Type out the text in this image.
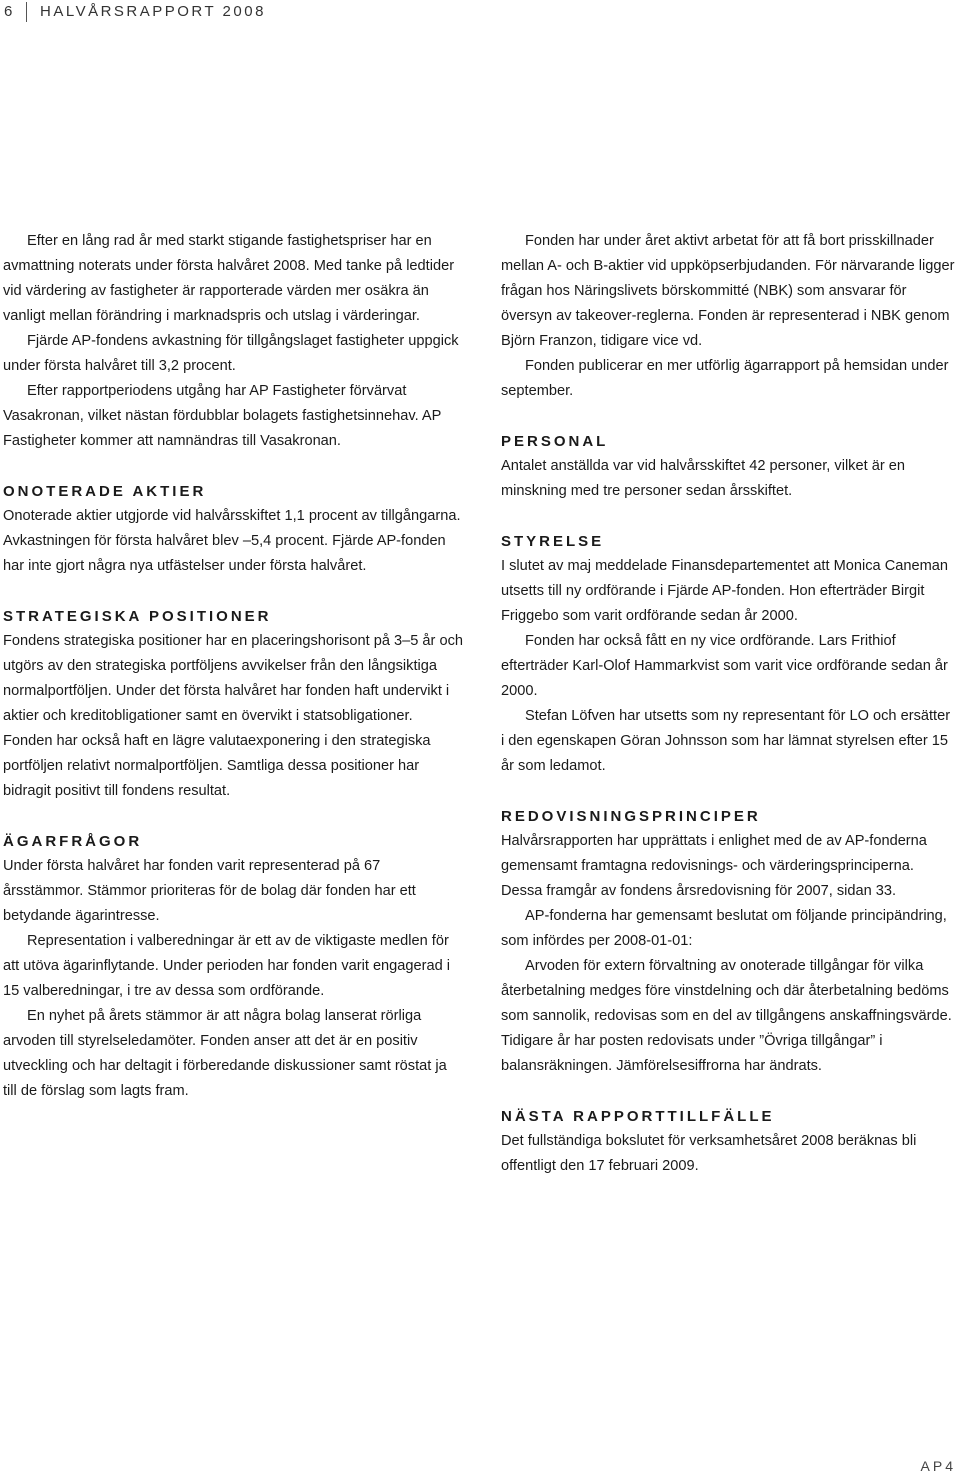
6 HALVÅRSRAPPORT 2008

Efter en lång rad år med starkt stigande fastighetspriser har en avmattning noterats under första halvåret 2008. Med tanke på ledtider vid värdering av fastigheter är rapporterade värden mer osäkra än vanligt mellan förändring i marknadspris och utslag i värderingar.

Fjärde AP-fondens avkastning för tillgångslaget fastigheter uppgick under första halvåret till 3,2 procent.

Efter rapportperiodens utgång har AP Fastigheter förvärvat Vasakronan, vilket nästan fördubblar bolagets fastighetsinnehav. AP Fastigheter kommer att namnändras till Vasakronan.

ONOTERADE AKTIER

Onoterade aktier utgjorde vid halvårsskiftet 1,1 procent av tillgångarna. Avkastningen för första halvåret blev –5,4 procent. Fjärde AP-fonden har inte gjort några nya utfästelser under första halvåret.

STRATEGISKA POSITIONER

Fondens strategiska positioner har en placeringshorisont på 3–5 år och utgörs av den strategiska portföljens avvikelser från den långsiktiga normalportföljen. Under det första halvåret har fonden haft undervikt i aktier och kreditobligationer samt en övervikt i statsobligationer. Fonden har också haft en lägre valutaexponering i den strategiska portföljen relativt normalportföljen. Samtliga dessa positioner har bidragit positivt till fondens resultat.

ÄGARFRÅGOR

Under första halvåret har fonden varit representerad på 67 årsstämmor. Stämmor prioriteras för de bolag där fonden har ett betydande ägarintresse.

Representation i valberedningar är ett av de viktigaste medlen för att utöva ägarinflytande. Under perioden har fonden varit engagerad i 15 valberedningar, i tre av dessa som ordförande.

En nyhet på årets stämmor är att några bolag lanserat rörliga arvoden till styrelseledamöter. Fonden anser att det är en positiv utveckling och har deltagit i förberedande diskussioner samt röstat ja till de förslag som lagts fram.

Fonden har under året aktivt arbetat för att få bort prisskillnader mellan A- och B-aktier vid uppköpserbjudanden. För närvarande ligger frågan hos Näringslivets börskommitté (NBK) som ansvarar för översyn av takeover-reglerna. Fonden är representerad i NBK genom Björn Franzon, tidigare vice vd.

Fonden publicerar en mer utförlig ägarrapport på hemsidan under september.

PERSONAL

Antalet anställda var vid halvårsskiftet 42 personer, vilket är en minskning med tre personer sedan årsskiftet.

STYRELSE

I slutet av maj meddelade Finansdepartementet att Monica Caneman utsetts till ny ordförande i Fjärde AP-fonden. Hon efterträder Birgit Friggebo som varit ordförande sedan år 2000.

Fonden har också fått en ny vice ordförande. Lars Frithiof efterträder Karl-Olof Hammarkvist som varit vice ordförande sedan år 2000.

Stefan Löfven har utsetts som ny representant för LO och ersätter i den egenskapen Göran Johnsson som har lämnat styrelsen efter 15 år som ledamot.

REDOVISNINGSPRINCIPER

Halvårsrapporten har upprättats i enlighet med de av AP-fonderna gemensamt framtagna redovisnings- och värderingsprinciperna. Dessa framgår av fondens årsredovisning för 2007, sidan 33.

AP-fonderna har gemensamt beslutat om följande principändring, som infördes per 2008-01-01:

Arvoden för extern förvaltning av onoterade tillgångar för vilka återbetalning medges före vinstdelning och där återbetalning bedöms som sannolik, redovisas som en del av tillgångens anskaffningsvärde. Tidigare år har posten redovisats under ”Övriga tillgångar” i balansräkningen. Jämförelsesiffrorna har ändrats.

NÄSTA RAPPORTTILLFÄLLE

Det fullständiga bokslutet för verksamhetsåret 2008 beräknas bli offentligt den 17 februari 2009.

AP4
